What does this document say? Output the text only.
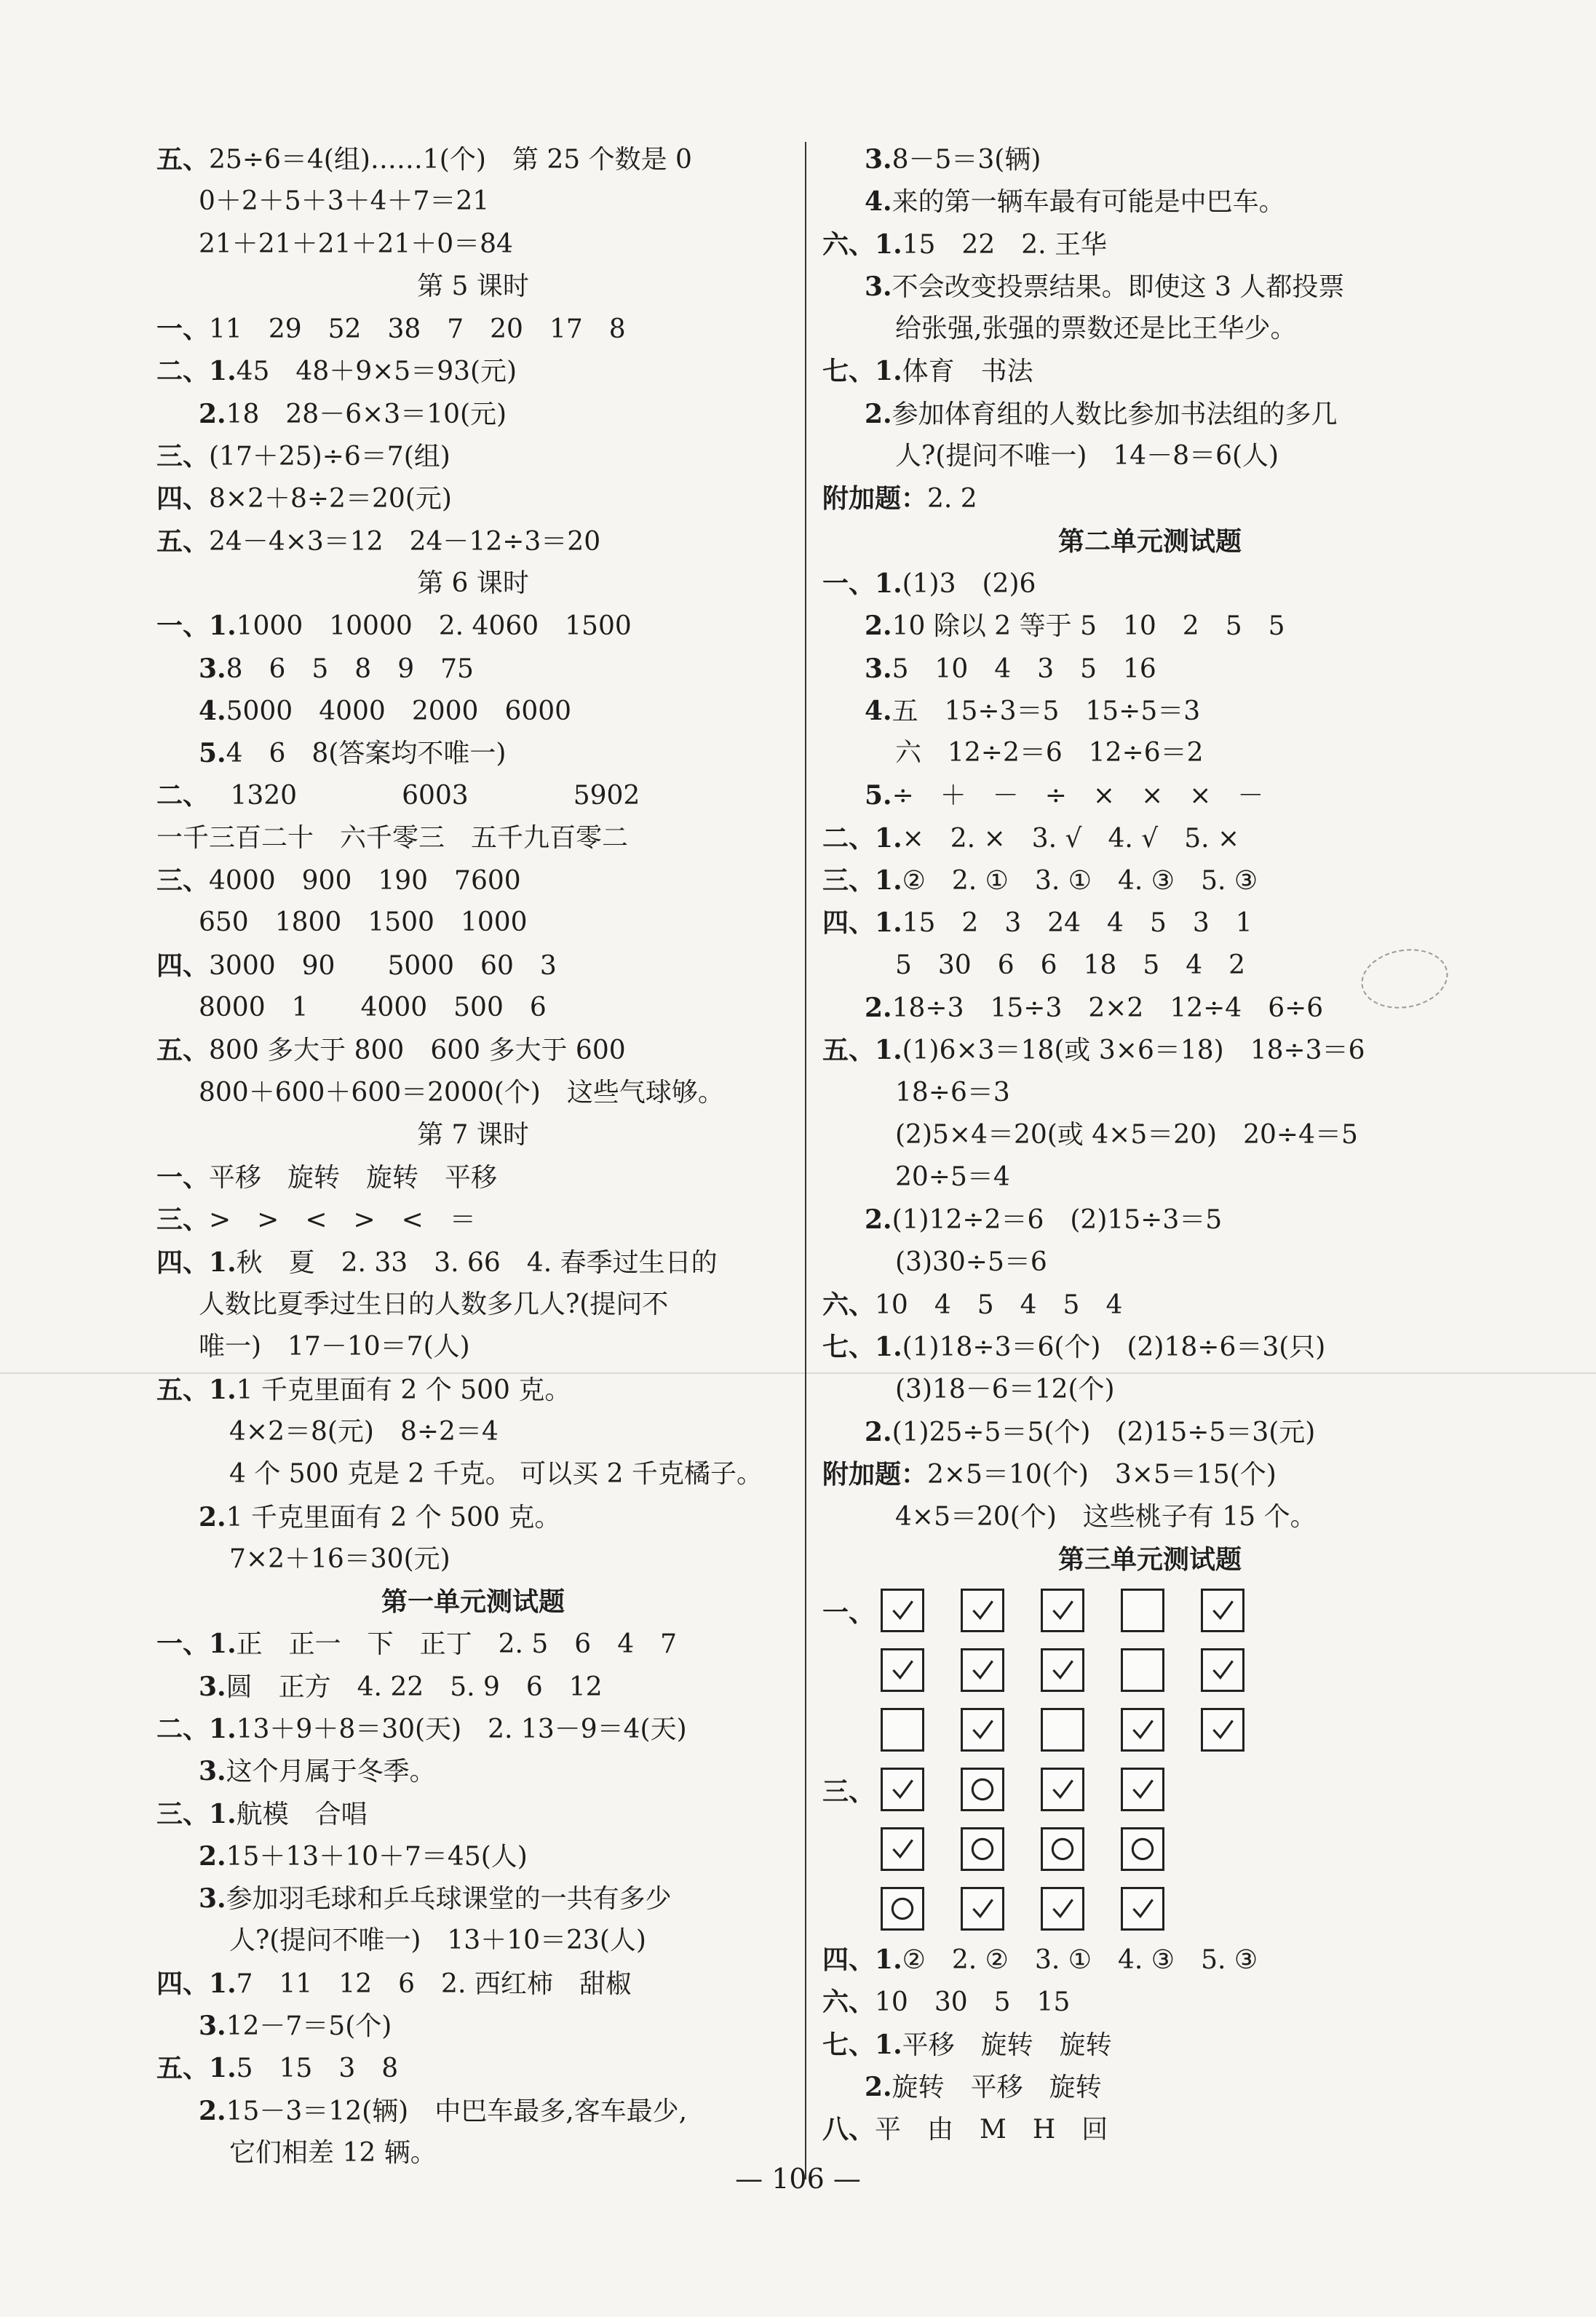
五、25÷6＝4(组)……1(个)　第 25 个数是 0
0＋2＋5＋3＋4＋7＝21
21＋21＋21＋21＋0＝84
第 5 课时
一、11　29　52　38　7　20　17　8
二、1.45　48＋9×5＝93(元)
2.18　28－6×3＝10(元)
三、(17＋25)÷6＝7(组)
四、8×2＋8÷2＝20(元)
五、24－4×3＝12　24－12÷3＝20
第 6 课时
一、1.1000　10000　2. 4060　1500
3.8　6　5　8　9　75
4.5000　4000　2000　6000
5.4　6　8(答案均不唯一)
二、　 1320　　　　6003　　　　5902
一千三百二十　六千零三　五千九百零二
三、4000　900　190　7600
650　1800　1500　1000
四、3000　90　　5000　60　3
8000　1　　4000　500　6
五、800 多大于 800　600 多大于 600
800＋600＋600＝2000(个)　这些气球够。
第 7 课时
一、平移　旋转　旋转　平移
三、>　>　<　>　<　＝
四、1.秋　夏　2. 33　3. 66　4. 春季过生日的
人数比夏季过生日的人数多几人?(提问不
唯一)　17－10＝7(人)
五、1.1 千克里面有 2 个 500 克。
4×2＝8(元)　8÷2＝4
4 个 500 克是 2 千克。 可以买 2 千克橘子。
2.1 千克里面有 2 个 500 克。
7×2＋16＝30(元)
第一单元测试题
一、1.正　正一　下　正丁　2. 5　6　4　7
3.圆　正方　4. 22　5. 9　6　12
二、1.13＋9＋8＝30(天)　2. 13－9＝4(天)
3.这个月属于冬季。
三、1.航模　合唱
2.15＋13＋10＋7＝45(人)
3.参加羽毛球和乒乓球课堂的一共有多少
人?(提问不唯一)　13＋10＝23(人)
四、1.7　11　12　6　2. 西红柿　甜椒
3.12－7＝5(个)
五、1.5　15　3　8
2.15－3＝12(辆)　中巴车最多,客车最少,
它们相差 12 辆。
3.8－5＝3(辆)
4.来的第一辆车最有可能是中巴车。
六、1.15　22　2. 王华
3.不会改变投票结果。即使这 3 人都投票
给张强,张强的票数还是比王华少。
七、1.体育　书法
2.参加体育组的人数比参加书法组的多几
人?(提问不唯一)　14－8＝6(人)
附加题：2. 2
第二单元测试题
一、1.(1)3　(2)6
2.10 除以 2 等于 5　10　2　5　5
3.5　10　4　3　5　16
4.五　15÷3＝5　15÷5＝3
六　12÷2＝6　12÷6＝2
5.÷　＋　－　÷　×　×　×　－
二、1.×　2. ×　3. √　4. √　5. ×
三、1.②　2. ①　3. ①　4. ③　5. ③
四、1.15　2　3　24　4　5　3　1
5　30　6　6　18　5　4　2
2.18÷3　15÷3　2×2　12÷4　6÷6
五、1.(1)6×3＝18(或 3×6＝18)　18÷3＝6
18÷6＝3
(2)5×4＝20(或 4×5＝20)　20÷4＝5
20÷5＝4
2.(1)12÷2＝6　(2)15÷3＝5
(3)30÷5＝6
六、10　4　5　4　5　4
七、1.(1)18÷3＝6(个)　(2)18÷6＝3(只)
(3)18－6＝12(个)
2.(1)25÷5＝5(个)　(2)15÷5＝3(元)
附加题：2×5＝10(个)　3×5＝15(个)
4×5＝20(个)　这些桃子有 15 个。
第三单元测试题
一、
三、
四、1.②　2. ②　3. ①　4. ③　5. ③
六、10　30　5　15
七、1.平移　旋转　旋转
2.旋转　平移　旋转
八、平　由　M　H　回
— 106 —
